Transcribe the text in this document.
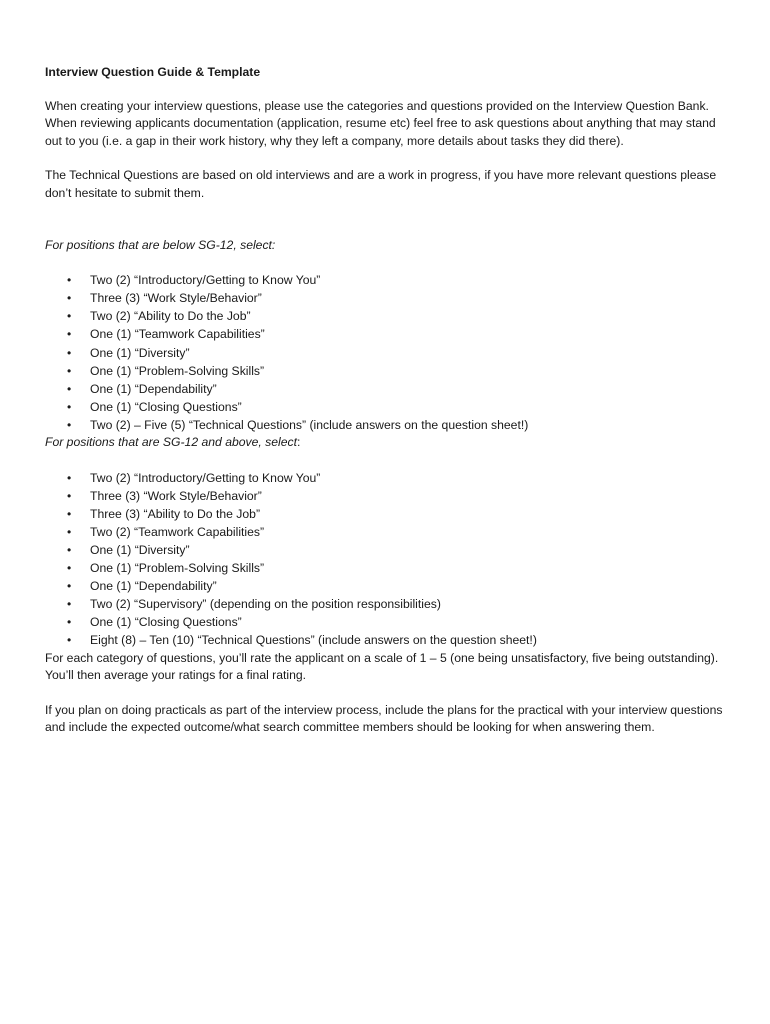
Interview Question Guide & Template

When creating your interview questions, please use the categories and questions provided on the Interview Question Bank. When reviewing applicants documentation (application, resume etc) feel free to ask questions about anything that may stand out to you (i.e. a gap in their work history, why they left a company, more details about tasks they did there).

The Technical Questions are based on old interviews and are a work in progress, if you have more relevant questions please don’t hesitate to submit them.

For positions that are below SG-12, select:

• Two (2) “Introductory/Getting to Know You”
• Three (3) “Work Style/Behavior”
• Two (2) “Ability to Do the Job”
• One (1) “Teamwork Capabilities”
• One (1) “Diversity”
• One (1) “Problem-Solving Skills”
• One (1) “Dependability”
• One (1) “Closing Questions”
• Two (2) – Five (5) “Technical Questions” (include answers on the question sheet!)

For positions that are SG-12 and above, select:

• Two (2) “Introductory/Getting to Know You”
• Three (3) “Work Style/Behavior”
• Three (3) “Ability to Do the Job”
• Two (2) “Teamwork Capabilities”
• One (1) “Diversity”
• One (1) “Problem-Solving Skills”
• One (1) “Dependability”
• Two (2) “Supervisory” (depending on the position responsibilities)
• One (1) “Closing Questions”
• Eight (8) – Ten (10) “Technical Questions” (include answers on the question sheet!)

For each category of questions, you’ll rate the applicant on a scale of 1 – 5 (one being unsatisfactory, five being outstanding). You’ll then average your ratings for a final rating.

If you plan on doing practicals as part of the interview process, include the plans for the practical with your interview questions and include the expected outcome/what search committee members should be looking for when answering them.
